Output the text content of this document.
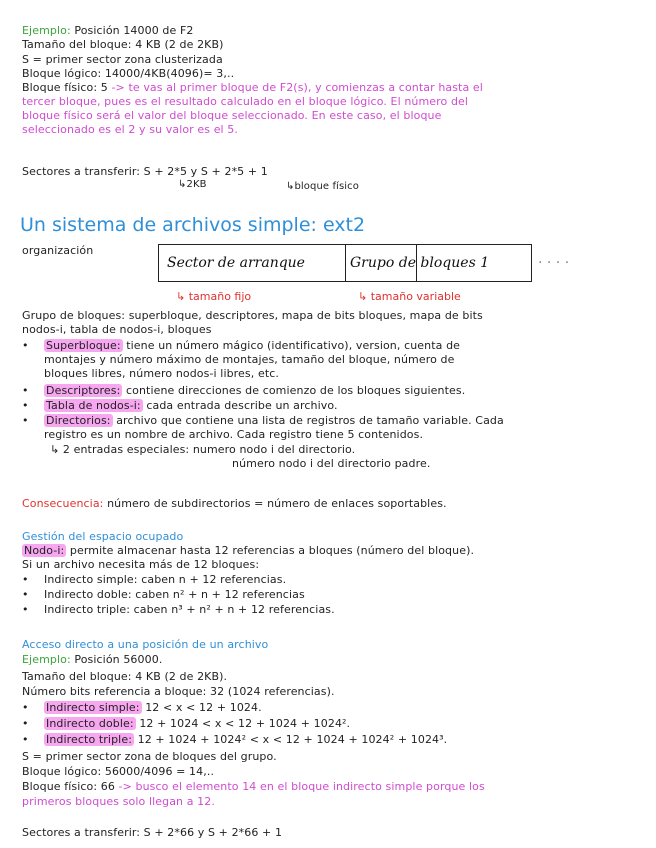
Ejemplo: Posición 14000 de F2
Tamaño del bloque: 4 KB (2 de 2KB)
S = primer sector zona clusterizada
Bloque lógico: 14000/4KB(4096)= 3,..
Bloque físico: 5 -> te vas al primer bloque de F2(s), y comienzas a contar hasta el
tercer bloque, pues es el resultado calculado en el bloque lógico. El número del
bloque físico será el valor del bloque seleccionado. En este caso, el bloque
seleccionado es el 2 y su valor es el 5.
Sectores a transferir: S + 2*5 y S + 2*5 + 1
↳2KB	↳bloque físico
Un sistema de archivos simple: ext2
organización
Sector de arranque	Grupo de bloques 1	· · · ·
↳ tamaño fijo	↳ tamaño variable
Grupo de bloques: superbloque, descriptores, mapa de bits bloques, mapa de bits
nodos-i, tabla de nodos-i, bloques
• Superbloque: tiene un número mágico (identificativo), version, cuenta de
montajes y número máximo de montajes, tamaño del bloque, número de
bloques libres, número nodos-i libres, etc.
• Descriptores: contiene direcciones de comienzo de los bloques siguientes.
• Tabla de nodos-i: cada entrada describe un archivo.
• Directorios: archivo que contiene una lista de registros de tamaño variable. Cada
registro es un nombre de archivo. Cada registro tiene 5 contenidos.
↳ 2 entradas especiales: numero nodo i del directorio.
número nodo i del directorio padre.
Consecuencia: número de subdirectorios = número de enlaces soportables.
Gestión del espacio ocupado
Nodo-i: permite almacenar hasta 12 referencias a bloques (número del bloque).
Si un archivo necesita más de 12 bloques:
• Indirecto simple: caben n + 12 referencias.
• Indirecto doble: caben n² + n + 12 referencias
• Indirecto triple: caben n³ + n² + n + 12 referencias.
Acceso directo a una posición de un archivo
Ejemplo: Posición 56000.
Tamaño del bloque: 4 KB (2 de 2KB).
Número bits referencia a bloque: 32 (1024 referencias).
• Indirecto simple: 12 < x < 12 + 1024.
• Indirecto doble: 12 + 1024 < x < 12 + 1024 + 1024².
• Indirecto triple: 12 + 1024 + 1024² < x < 12 + 1024 + 1024² + 1024³.
S = primer sector zona de bloques del grupo.
Bloque lógico: 56000/4096 = 14,..
Bloque físico: 66 -> busco el elemento 14 en el bloque indirecto simple porque los
primeros bloques solo llegan a 12.
Sectores a transferir: S + 2*66 y S + 2*66 + 1
